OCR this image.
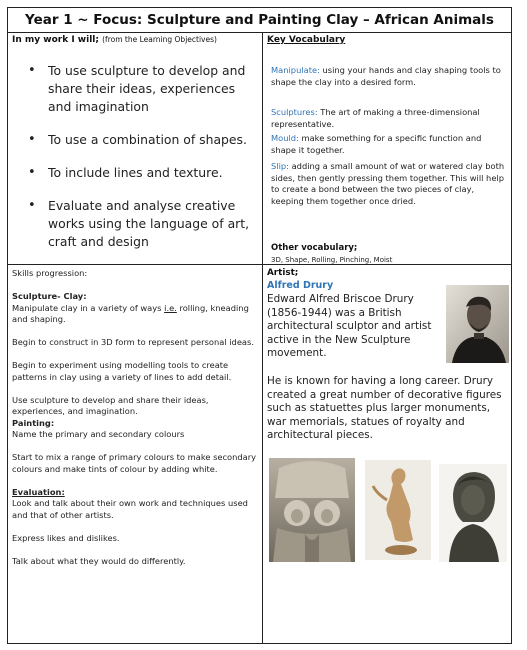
Year 1 ~ Focus: Sculpture and Painting Clay – African Animals
In my work I will; (from the Learning Objectives)
• To use sculpture to develop and share their ideas, experiences and imagination
• To use a combination of shapes.
• To include lines and texture.
• Evaluate and analyse creative works using the language of art, craft and design
Key Vocabulary
Manipulate: using your hands and clay shaping tools to shape the clay into a desired form.
Sculptures: The art of making a three-dimensional representative.
Mould: make something for a specific function and shape it together.
Slip: adding a small amount of wat or watered clay both sides, then gently pressing them together. This will help to create a bond between the two pieces of clay, keeping them together once dried.
Other vocabulary;
3D, Shape, Rolling, Pinching, Moist

Skills progression:

Sculpture- Clay:

Manipulate clay in a variety of ways i.e. rolling, kneading and shaping.

Begin to construct in 3D form to represent personal ideas.

Begin to experiment using modelling tools to create patterns in clay using a variety of lines to add detail.

Use sculpture to develop and share their ideas, experiences, and imagination.

Painting:

Name the primary and secondary colours

Start to mix a range of primary colours to make secondary colours and make tints of colour by adding white.

Evaluation:

Look and talk about their own work and techniques used and that of other artists.

Express likes and dislikes.

Talk about what they would do differently.

Artist;
Alfred Drury
Edward Alfred Briscoe Drury (1856-1944) was a British architectural sculptor and artist active in the New Sculpture movement.
He is known for having a long career. Drury created a great number of decorative figures such as statuettes plus larger monuments, war memorials, statues of royalty and architectural pieces.
